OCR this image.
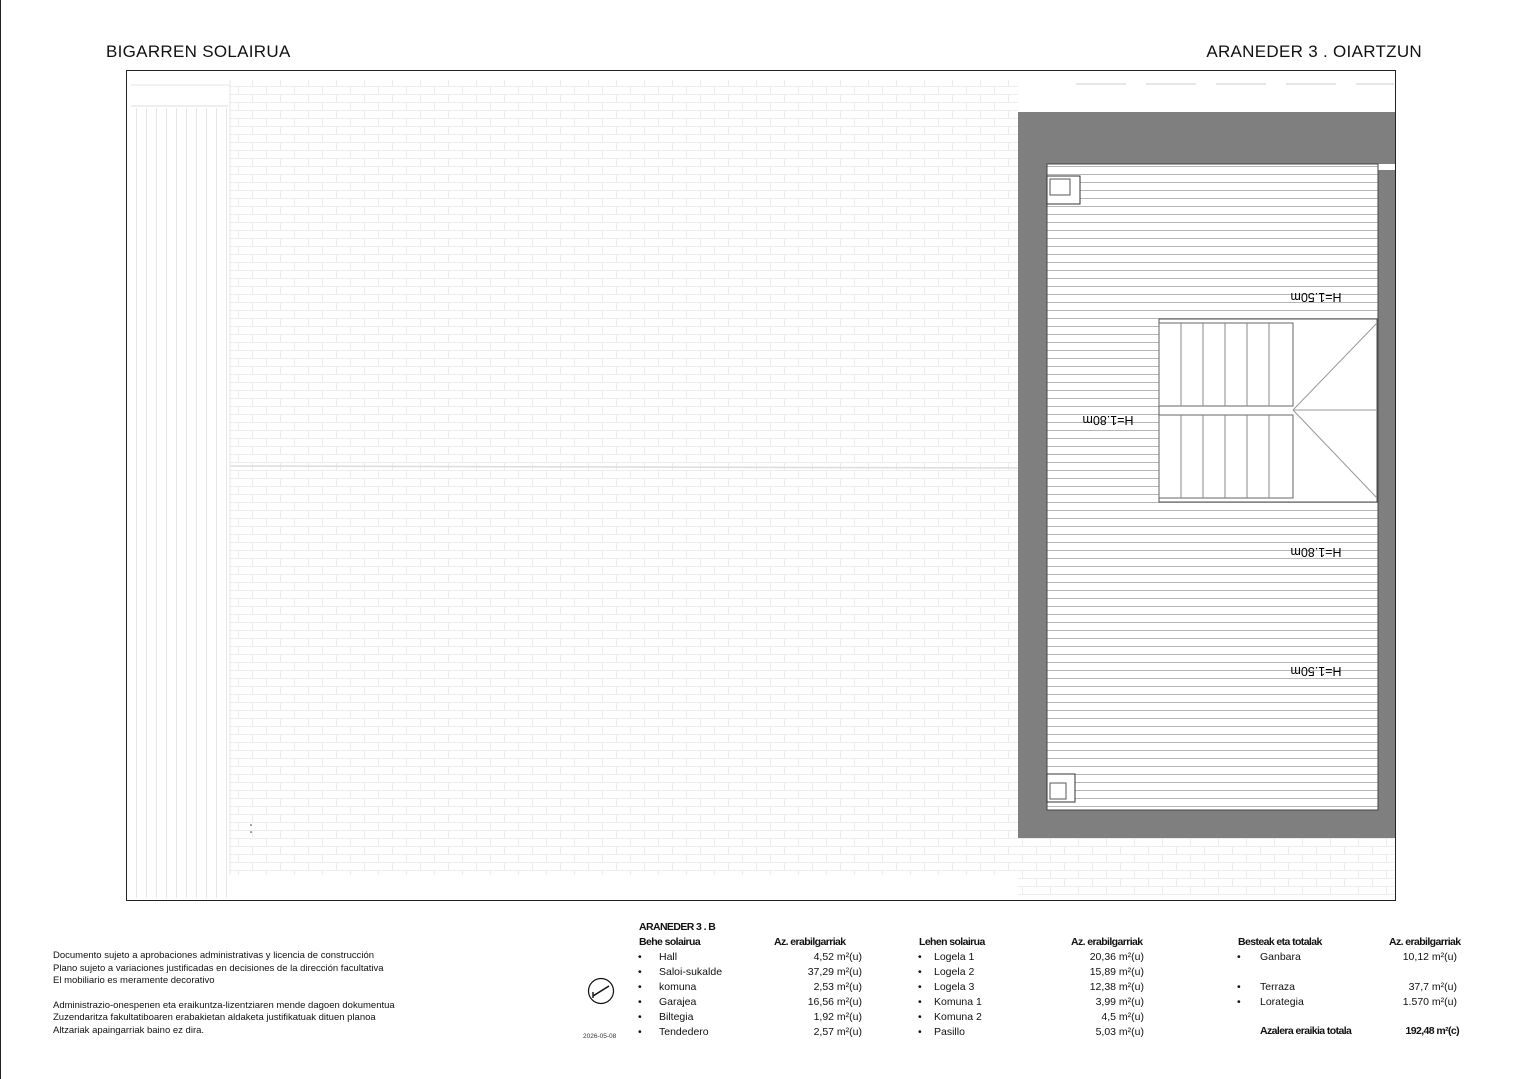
BIGARREN SOLAIRUA	ARANEDER 3 . OIARTZUN
H=1.50m
H=1.80m
H=1.80m
H=1.50m
Documento sujeto a aprobaciones administrativas y licencia de construcción
Plano sujeto a variaciones justificadas en decisiones de la dirección facultativa
El mobiliario es meramente decorativo
Administrazio-onespenen eta eraikuntza-lizentziaren mende dagoen dokumentua
Zuzendaritza fakultatiboaren erabakietan aldaketa justifikatuak dituen planoa
Altzariak apaingarriak baino ez dira.
2026-05-08
ARANEDER 3 . B
Behe solairua	Az. erabilgarriak
• Hall	4,52 m²(u)
• Saloi-sukalde	37,29 m²(u)
• komuna	2,53 m²(u)
• Garajea	16,56 m²(u)
• Biltegia	1,92 m²(u)
• Tendedero	2,57 m²(u)
Lehen solairua	Az. erabilgarriak
• Logela 1	20,36 m²(u)
• Logela 2	15,89 m²(u)
• Logela 3	12,38 m²(u)
• Komuna 1	3,99 m²(u)
• Komuna 2	4,5 m²(u)
• Pasillo	5,03 m²(u)
Besteak eta totalak	Az. erabilgarriak
• Ganbara	10,12 m²(u)
• Terraza	37,7 m²(u)
• Lorategia	1.570 m²(u)
Azalera eraikia totala	192,48 m²(c)
